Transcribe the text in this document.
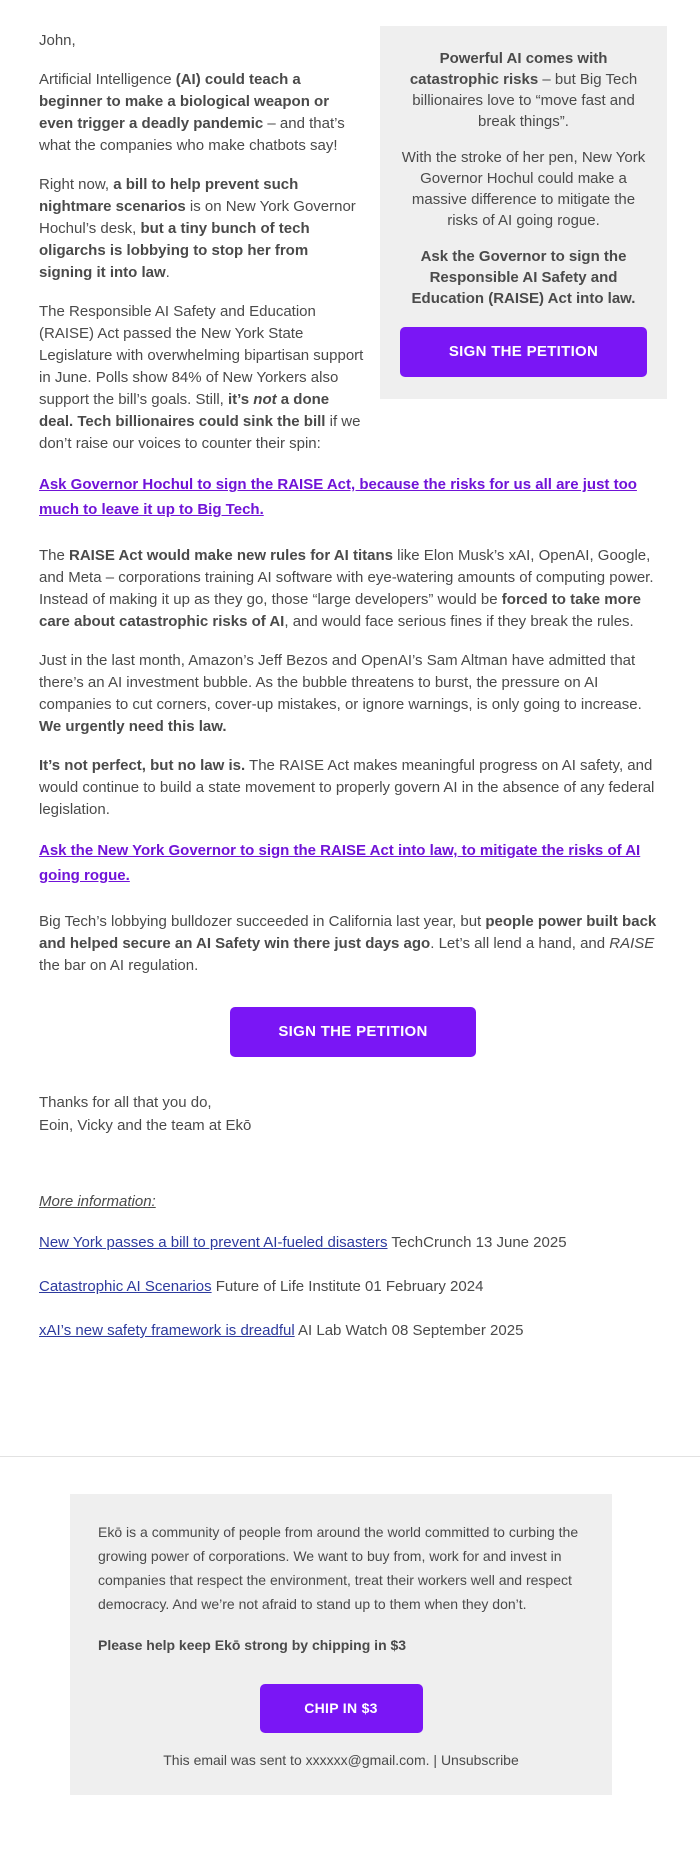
Powerful AI comes with catastrophic risks – but Big Tech billionaires love to “move fast and break things”.

With the stroke of her pen, New York Governor Hochul could make a massive difference to mitigate the risks of AI going rogue.

Ask the Governor to sign the Responsible AI Safety and Education (RAISE) Act into law.

SIGN THE PETITION

John,

Artificial Intelligence (AI) could teach a beginner to make a biological weapon or even trigger a deadly pandemic – and that’s what the companies who make chatbots say!

Right now, a bill to help prevent such nightmare scenarios is on New York Governor Hochul’s desk, but a tiny bunch of tech oligarchs is lobbying to stop her from signing it into law.

The Responsible AI Safety and Education (RAISE) Act passed the New York State Legislature with overwhelming bipartisan support in June. Polls show 84% of New Yorkers also support the bill’s goals. Still, it’s not a done deal. Tech billionaires could sink the bill if we don’t raise our voices to counter their spin:

Ask Governor Hochul to sign the RAISE Act, because the risks for us all are just too much to leave it up to Big Tech.

The RAISE Act would make new rules for AI titans like Elon Musk’s xAI, OpenAI, Google, and Meta – corporations training AI software with eye-watering amounts of computing power. Instead of making it up as they go, those “large developers” would be forced to take more care about catastrophic risks of AI, and would face serious fines if they break the rules.

Just in the last month, Amazon’s Jeff Bezos and OpenAI’s Sam Altman have admitted that there’s an AI investment bubble. As the bubble threatens to burst, the pressure on AI companies to cut corners, cover-up mistakes, or ignore warnings, is only going to increase. We urgently need this law.

It’s not perfect, but no law is. The RAISE Act makes meaningful progress on AI safety, and would continue to build a state movement to properly govern AI in the absence of any federal legislation.

Ask the New York Governor to sign the RAISE Act into law, to mitigate the risks of AI going rogue.

Big Tech’s lobbying bulldozer succeeded in California last year, but people power built back and helped secure an AI Safety win there just days ago. Let’s all lend a hand, and RAISE the bar on AI regulation.

SIGN THE PETITION

Thanks for all that you do,
Eoin, Vicky and the team at Ekō

More information:

New York passes a bill to prevent AI-fueled disasters TechCrunch 13 June 2025

Catastrophic AI Scenarios Future of Life Institute 01 February 2024

xAI’s new safety framework is dreadful AI Lab Watch 08 September 2025

Ekō is a community of people from around the world committed to curbing the growing power of corporations. We want to buy from, work for and invest in companies that respect the environment, treat their workers well and respect democracy. And we’re not afraid to stand up to them when they don’t.

Please help keep Ekō strong by chipping in $3

CHIP IN $3

This email was sent to xxxxxx@gmail.com. | Unsubscribe
